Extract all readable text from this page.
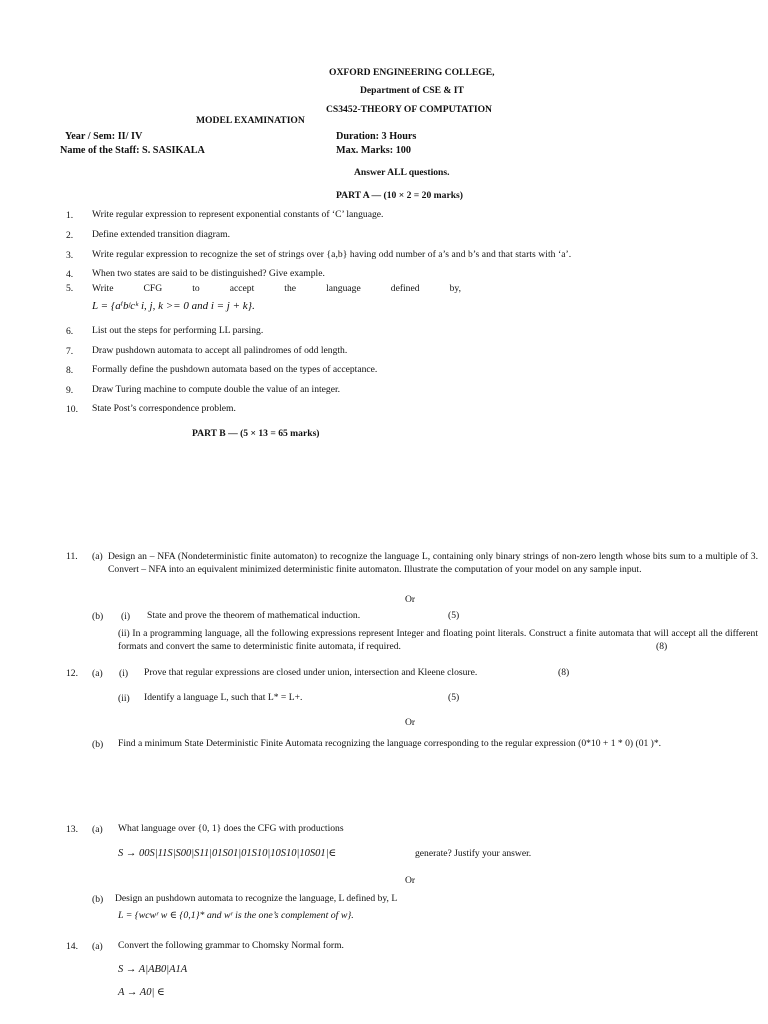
OXFORD ENGINEERING COLLEGE,
Department of CSE & IT
CS3452-THEORY OF COMPUTATION
MODEL EXAMINATION
Year / Sem: II/ IV
Name of the Staff: S. SASIKALA
Duration: 3 Hours
Max. Marks: 100
Answer ALL questions.
PART A — (10 × 2 = 20 marks)
1. Write regular expression to represent exponential constants of ‘C’ language.
2. Define extended transition diagram.
3. Write regular expression to recognize the set of strings over {a,b} having odd number of a’s and b’s and that starts with ‘a’.
4. When two states are said to be distinguished? Give example.
5. Write	CFG	to	accept	the	language	defined	by,
L = {aⁱbʲcᵏ i, j, k >= 0 and i = j + k}.
6. List out the steps for performing LL parsing.
7. Draw pushdown automata to accept all palindromes of odd length.
8. Formally define the pushdown automata based on the types of acceptance.
9. Draw Turing machine to compute double the value of an integer.
10. State Post’s correspondence problem.
PART B — (5 × 13 = 65 marks)
11. (a) Design an – NFA (Nondeterministic finite automaton) to recognize the language L, containing only binary strings of non-zero length whose bits sum to a multiple of 3. Convert – NFA into an equivalent minimized deterministic finite automaton. Illustrate the computation of your model on any sample input.
Or
(b) (i) State and prove the theorem of mathematical induction.	(5)
(ii) In a programming language, all the following expressions represent Integer and floating point literals. Construct a finite automata that will accept all the different formats and convert the same to deterministic finite automata, if required.	(8)
12. (a) (i) Prove that regular expressions are closed under union, intersection and Kleene closure.	(8)
(ii) Identify a language L, such that L* = L+.	(5)
Or
(b) Find a minimum State Deterministic Finite Automata recognizing the language corresponding to the regular expression (0*10 + 1 * 0) (01 )*.
13. (a) What language over {0, 1} does the CFG with productions
S → 00S|11S|S00|S11|01S01|01S10|10S10|10S01|∈	generate? Justify your answer.
Or
(b) Design an pushdown automata to recognize the language, L defined by, L
L = {wcwʳ w ∈ {0,1}* and wʳ is the one’s complement of w}.
14. (a) Convert the following grammar to Chomsky Normal form.
S → A|AB0|A1A
A → A0| ∈
